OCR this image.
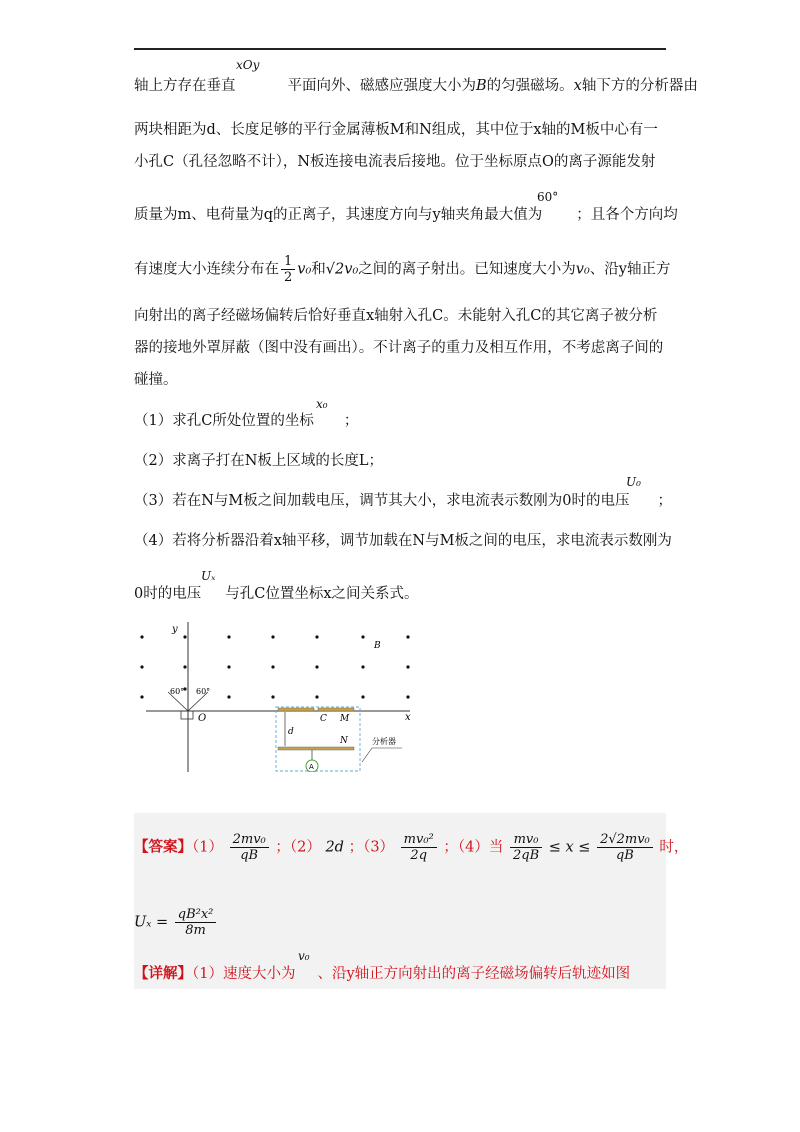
轴上方存在垂直	平面向外、磁感应强度大小为B的匀强磁场。x轴下方的分析器由
xOy
两块相距为d、长度足够的平行金属薄板M和N组成，其中位于x轴的M板中心有一
小孔C（孔径忽略不计），N板连接电流表后接地。位于坐标原点O的离子源能发射
质量为m、电荷量为q的正离子，其速度方向与y轴夹角最大值为 ；且各个方向均
60°
有速度大小连续分布在 $\frac{1}{2} v_0$和√2v₀之间的离子射出。已知速度大小为v₀、沿y轴正方
向射出的离子经磁场偏转后恰好垂直x轴射入孔C。未能射入孔C的其它离子被分析
器的接地外罩屏蔽（图中没有画出）。不计离子的重力及相互作用，不考虑离子间的
碰撞。
（1）求孔C所处位置的坐标 ；
x₀
（2）求离子打在N板上区域的长度L；
（3）若在N与M板之间加载电压，调节其大小，求电流表示数刚为0时的电压 ；
U₀
（4）若将分析器沿着x轴平移，调节加载在N与M板之间的电压，求电流表示数刚为
0时的电压 与孔C位置坐标x之间关系式。
Uₓ
y
x
O
B
60° 60°
C M
N
d
A
分析器
【答案】$(1) \frac{\text{2mv₀}}{qB}$ ；（2） 2d ；$(3) \frac{\text{mv₀²}}{2q}$ ；（4）当 $\frac{\text{mv₀}}{2qB} \le x \le \frac{\text{2√2mv₀}}{qB}$ 时，
$U_x = \frac{\text{qB²x²}}{8m}$
【详解】（1）速度大小为 、沿y轴正方向射出的离子经磁场偏转后轨迹如图
v₀
